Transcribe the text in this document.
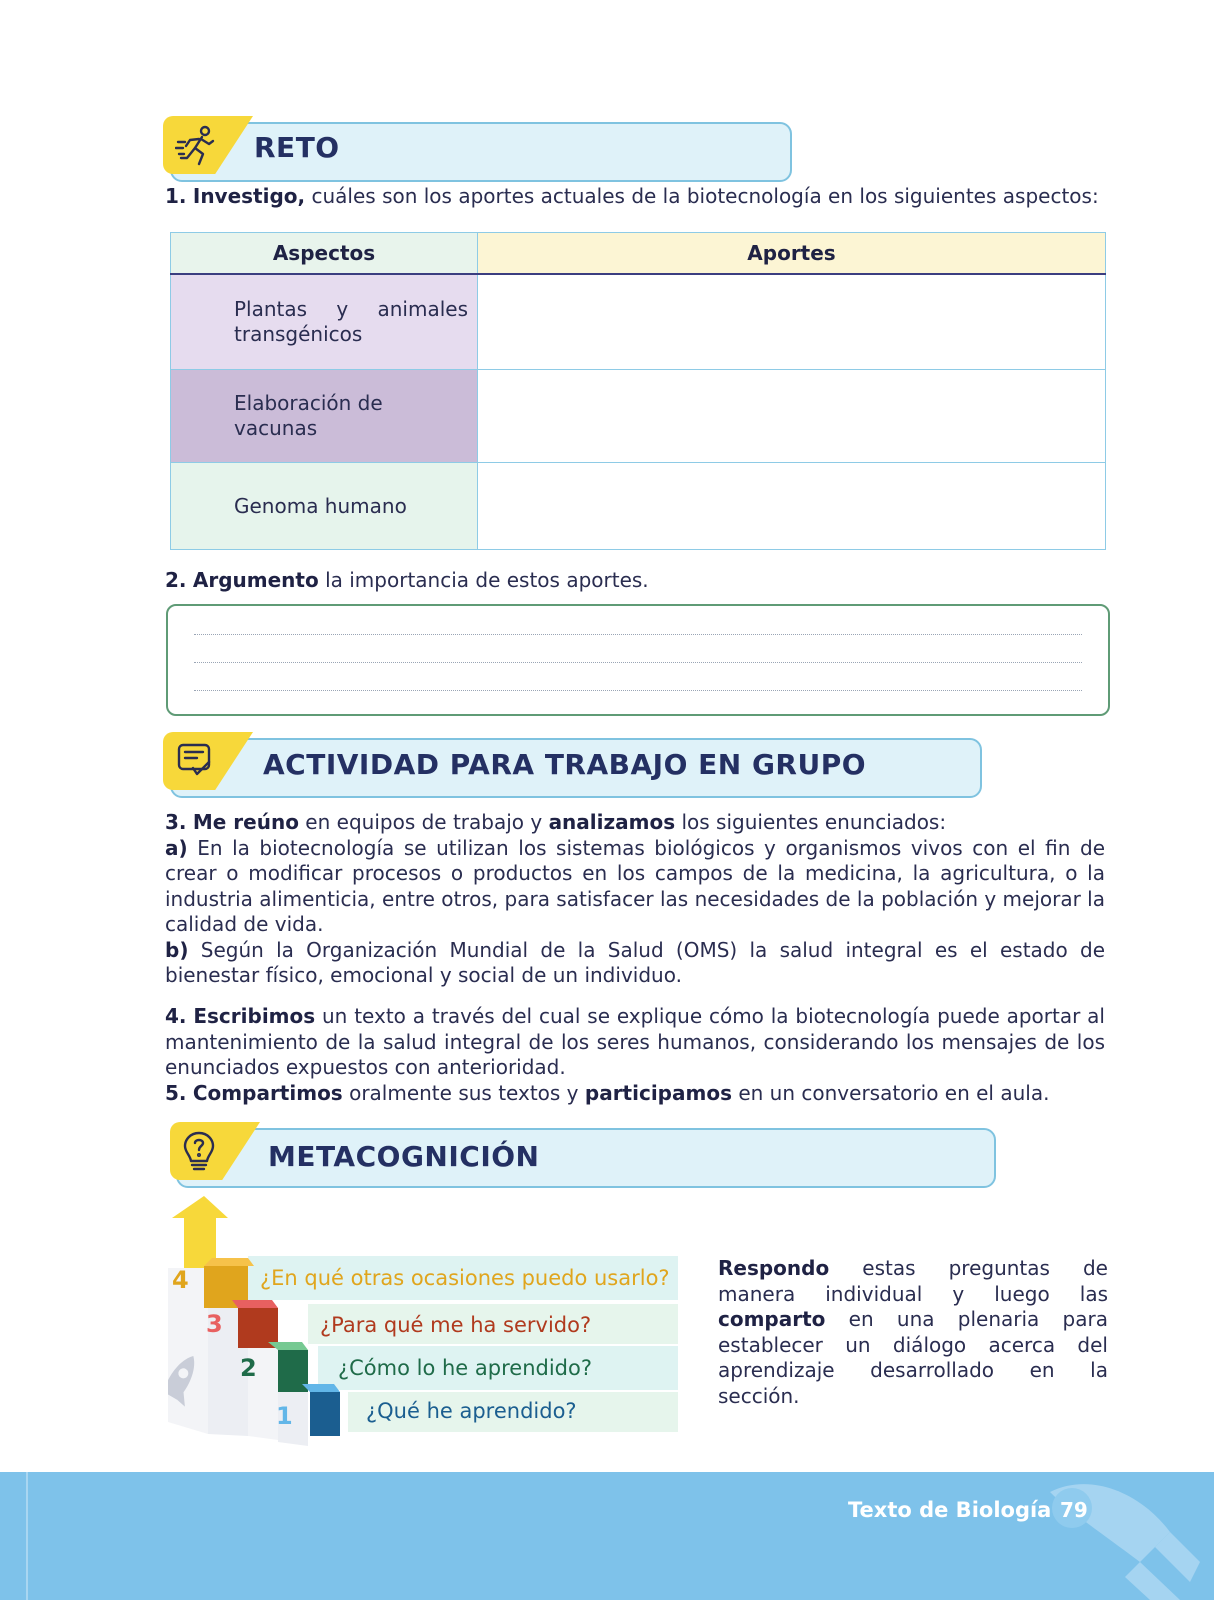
RETO
1. Investigo, cuáles son los aportes actuales de la biotecnología en los siguientes aspectos:
Aspectos	Aportes

Plantas y animales transgénicos	

Elaboración de vacunas	

Genoma humano	

2. Argumento la importancia de estos aportes.
ACTIVIDAD PARA TRABAJO EN GRUPO
3. Me reúno en equipos de trabajo y analizamos los siguientes enunciados:
a) En la biotecnología se utilizan los sistemas biológicos y organismos vivos con el fin de crear o modificar procesos o productos en los campos de la medicina, la agricultura, o la industria alimenticia, entre otros, para satisfacer las necesidades de la población y mejorar la calidad de vida.
b) Según la Organización Mundial de la Salud (OMS) la salud integral es el estado de bienestar físico, emocional y social de un individuo.
4. Escribimos un texto a través del cual se explique cómo la biotecnología puede aportar al mantenimiento de la salud integral de los seres humanos, considerando los mensajes de los enunciados expuestos con anterioridad.
5. Compartimos oralmente sus textos y participamos en un conversatorio en el aula.
METACOGNICIÓN
4
3
2
1
¿En qué otras ocasiones puedo usarlo?
¿Para qué me ha servido?
¿Cómo lo he aprendido?
¿Qué he aprendido?
Respondo estas preguntas de manera individual y luego las comparto en una plenaria para establecer un diálogo acerca del aprendizaje desarrollado en la sección.
Texto de Biología 79
